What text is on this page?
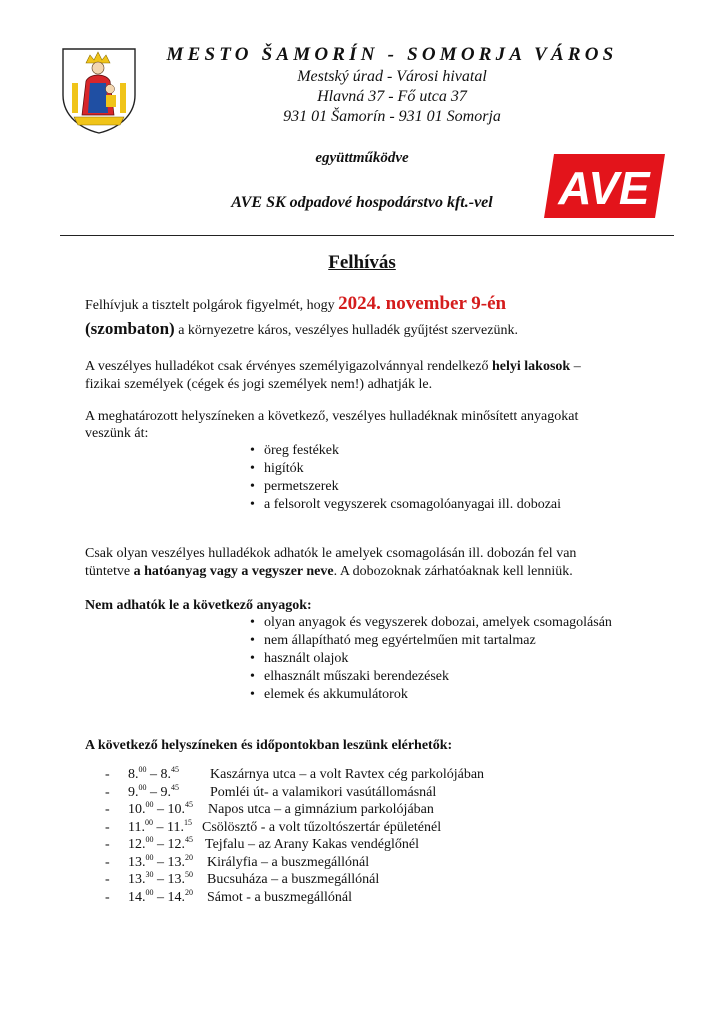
MESTO ŠAMORÍN - SOMORJA VÁROS
Mestský úrad - Városi hivatal
Hlavná 37 - Fő utca 37
931 01 Šamorín - 931 01 Somorja
együttműködve
AVE SK odpadové hospodárstvo kft.-vel	AVE
Felhívás
Felhívjuk a tisztelt polgárok figyelmét, hogy 2024. november 9-én
(szombaton) a környezetre káros, veszélyes hulladék gyűjtést szervezünk.
A veszélyes hulladékot csak érvényes személyigazolvánnyal rendelkező helyi lakosok –
fizikai személyek (cégek és jogi személyek nem!) adhatják le.
A meghatározott helyszíneken a következő, veszélyes hulladéknak minősített anyagokat
veszünk át:
• öreg festékek
• higítók
• permetszerek
• a felsorolt vegyszerek csomagolóanyagai ill. dobozai
Csak olyan veszélyes hulladékok adhatók le amelyek csomagolásán ill. dobozán fel van
tüntetve a hatóanyag vagy a vegyszer neve. A dobozoknak zárhatóaknak kell lenniük.
Nem adhatók le a következő anyagok:
• olyan anyagok és vegyszerek dobozai, amelyek csomagolásán
• nem állapítható meg egyértelműen mit tartalmaz
• használt olajok
• elhasznált műszaki berendezések
• elemek és akkumulátorok
A következő helyszíneken és időpontokban leszünk elérhetők:
- 8.00 – 8.45 Kaszárnya utca – a volt Ravtex cég parkolójában
- 9.00 – 9.45 Pomléi út- a valamikori vasútállomásnál
- 10.00 – 10.45 Napos utca – a gimnázium parkolójában
- 11.00 – 11.15 Csölösztő - a volt tűzoltószertár épületénél
- 12.00 – 12.45 Tejfalu – az Arany Kakas vendéglőnél
- 13.00 – 13.20 Királyfia – a buszmegállónál
- 13.30 – 13.50 Bucsuháza – a buszmegállónál
- 14.00 – 14.20 Sámot - a buszmegállónál
